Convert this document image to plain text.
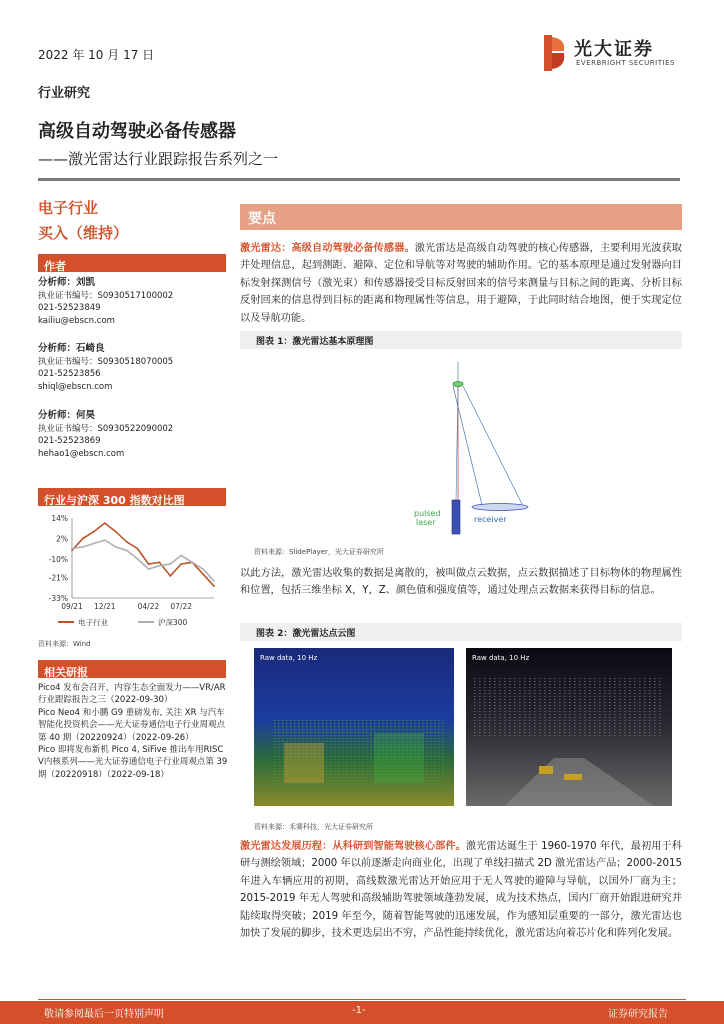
2022 年 10 月 17 日	光大证券
EVERBRIGHT SECURITIES
行业研究
高级自动驾驶必备传感器
——激光雷达行业跟踪报告系列之一
电子行业
买入（维持）
作者
分析师：刘凯
执业证书编号：S0930517100002
021-52523849
kailiu@ebscn.com
分析师：石崎良
执业证书编号：S0930518070005
021-52523856
shiql@ebscn.com
分析师：何昊
执业证书编号：S0930522090002
021-52523869
hehao1@ebscn.com
行业与沪深 300 指数对比图
14%
2%
-10%
-21%
-33%
09/21 12/21	04/22 07/22
电子行业	沪深300
资料来源：Wind
相关研报
Pico4 发布会召开，内容生态全面发力——VR/AR 行业跟踪报告之三（2022-09-30）
Pico Neo4 和小鹏 G9 重磅发布, 关注 XR 与汽车智能化投资机会——光大证券通信电子行业周观点第 40 期（20220924）（2022-09-26）
Pico 即将发布新机 Pico 4, SiFive 推出车用RISC V内核系列——光大证券通信电子行业周观点第 39 期（20220918）（2022-09-18）
要点
激光雷达：高级自动驾驶必备传感器。激光雷达是高级自动驾驶的核心传感器，主要利用光波获取并处理信息，起到测距、避障、定位和导航等对驾驶的辅助作用。它的基本原理是通过发射器向目标发射探测信号（激光束）和传感器接受目标反射回来的信号来测量与目标之间的距离、分析目标反射回来的信息得到目标的距离和物理属性等信息，用于避障，于此同时结合地图，便于实现定位以及导航功能。
图表 1：激光雷达基本原理图
pulsed
laser	receiver
资料来源：SlidePlayer，光大证券研究所
以此方法，激光雷达收集的数据是离散的，被叫做点云数据，点云数据描述了目标物体的物理属性和位置，包括三维坐标 X，Y，Z、颜色值和强度值等，通过处理点云数据来获得目标的信息。
图表 2：激光雷达点云图
Raw data, 10 Hz	Raw data, 10 Hz
资料来源：禾赛科技，光大证券研究所
激光雷达发展历程：从科研到智能驾驶核心部件。激光雷达诞生于 1960-1970 年代，最初用于科研与测绘领域；2000 年以前逐渐走向商业化，出现了单线扫描式 2D 激光雷达产品；2000-2015 年进入车辆应用的初期，高线数激光雷达开始应用于无人驾驶的避障与导航，以国外厂商为主；2015-2019 年无人驾驶和高级辅助驾驶领域蓬勃发展，成为技术热点，国内厂商开始跟进研究并陆续取得突破；2019 年至今，随着智能驾驶的迅速发展，作为感知层重要的一部分，激光雷达也加快了发展的脚步，技术更迭层出不穷，产品性能持续优化，激光雷达向着芯片化和阵列化发展。
敬请参阅最后一页特别声明	-1-	证券研究报告
